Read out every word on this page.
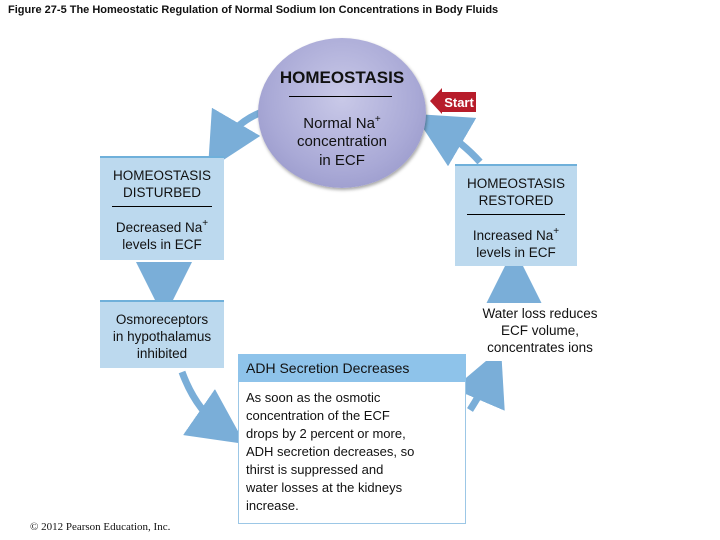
Figure 27-5 The Homeostatic Regulation of Normal Sodium Ion Concentrations in Body Fluids
HOMEOSTASIS
Normal Na+
concentration
in ECF
Start
HOMEOSTASIS
DISTURBED
Decreased Na+
levels in ECF
HOMEOSTASIS
RESTORED
Increased Na+
levels in ECF
Osmoreceptors
in hypothalamus
inhibited
Water loss reduces
ECF volume,
concentrates ions
ADH Secretion Decreases
As soon as the osmotic
concentration of the ECF
drops by 2 percent or more,
ADH secretion decreases, so
thirst is suppressed and
water losses at the kidneys
increase.
© 2012 Pearson Education, Inc.
